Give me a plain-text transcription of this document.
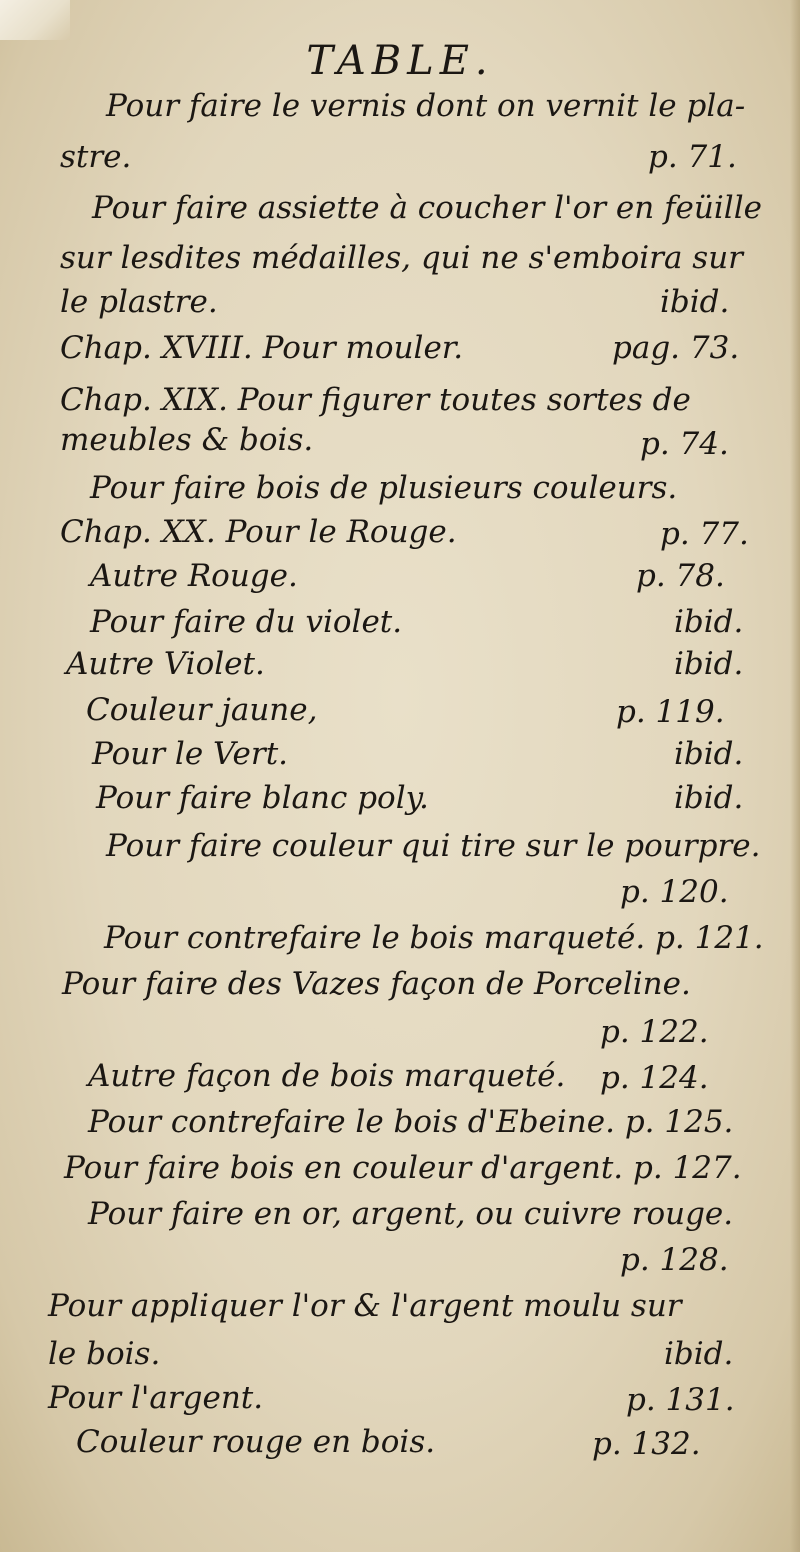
TABLE.
Pour faire le vernis dont on vernit le pla-
stre.	p. 71.
Pour faire assiette à coucher l'or en feüille
sur lesdites médailles, qui ne s'emboira sur
le plastre.	ibid.
Chap. XVIII. Pour mouler.	pag. 73.
Chap. XIX. Pour figurer toutes sortes de
meubles & bois.	p. 74.
Pour faire bois de plusieurs couleurs.
Chap. XX. Pour le Rouge.	p. 77.
Autre Rouge.	p. 78.
Pour faire du violet.	ibid.
Autre Violet.	ibid.
Couleur jaune,	p. 119.
Pour le Vert.	ibid.
Pour faire blanc poly.	ibid.
Pour faire couleur qui tire sur le pourpre.
p. 120.
Pour contrefaire le bois marqueté. p. 121.
Pour faire des Vazes façon de Porceline.
p. 122.
Autre façon de bois marqueté. p. 124.
Pour contrefaire le bois d'Ebeine. p. 125.
Pour faire bois en couleur d'argent. p. 127.
Pour faire en or, argent, ou cuivre rouge.
p. 128.
Pour appliquer l'or & l'argent moulu sur
le bois.	ibid.
Pour l'argent.	p. 131.
Couleur rouge en bois.	p. 132.
